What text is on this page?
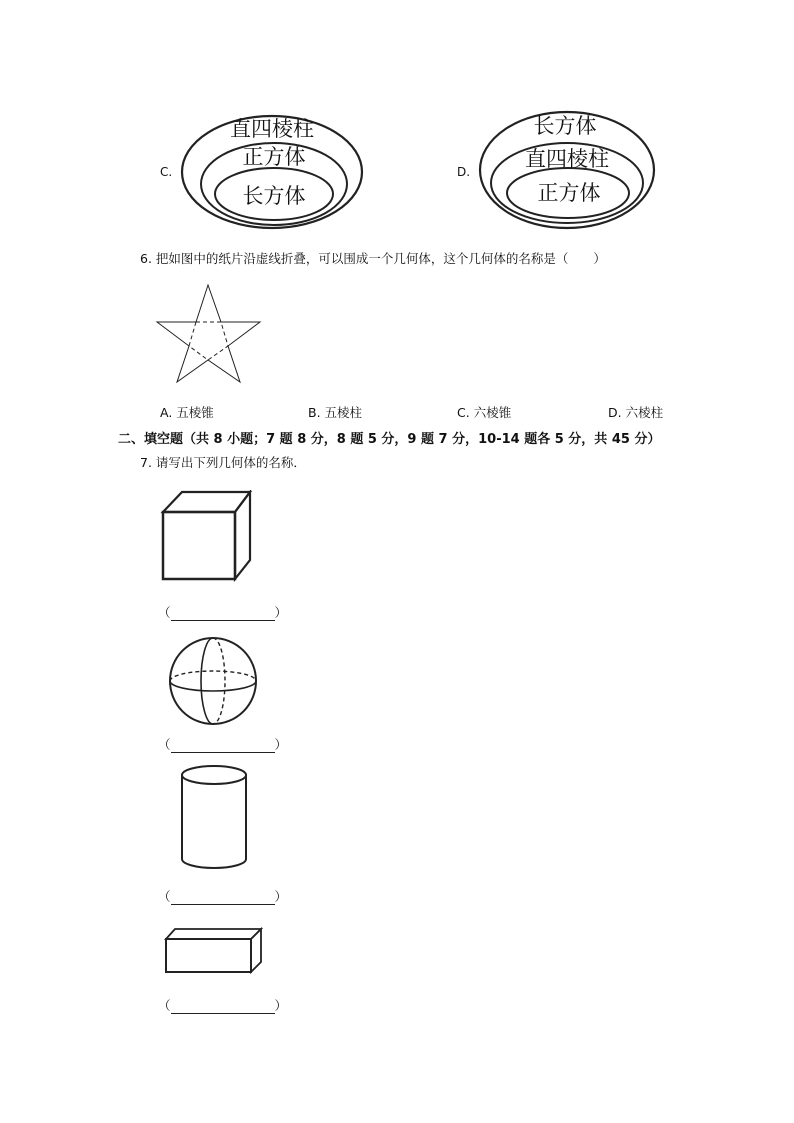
C.
直四棱柱
正方体
长方体
D.
长方体
直四棱柱
正方体
6. 把如图中的纸片沿虚线折叠，可以围成一个几何体，这个几何体的名称是（　　）
A. 五棱锥	B. 五棱柱	C. 六棱锥	D. 六棱柱
二、填空题（共 8 小题；7 题 8 分，8 题 5 分，9 题 7 分，10-14 题各 5 分，共 45 分）
7. 请写出下列几何体的名称．
（	）
（	）
（	）
（	）
